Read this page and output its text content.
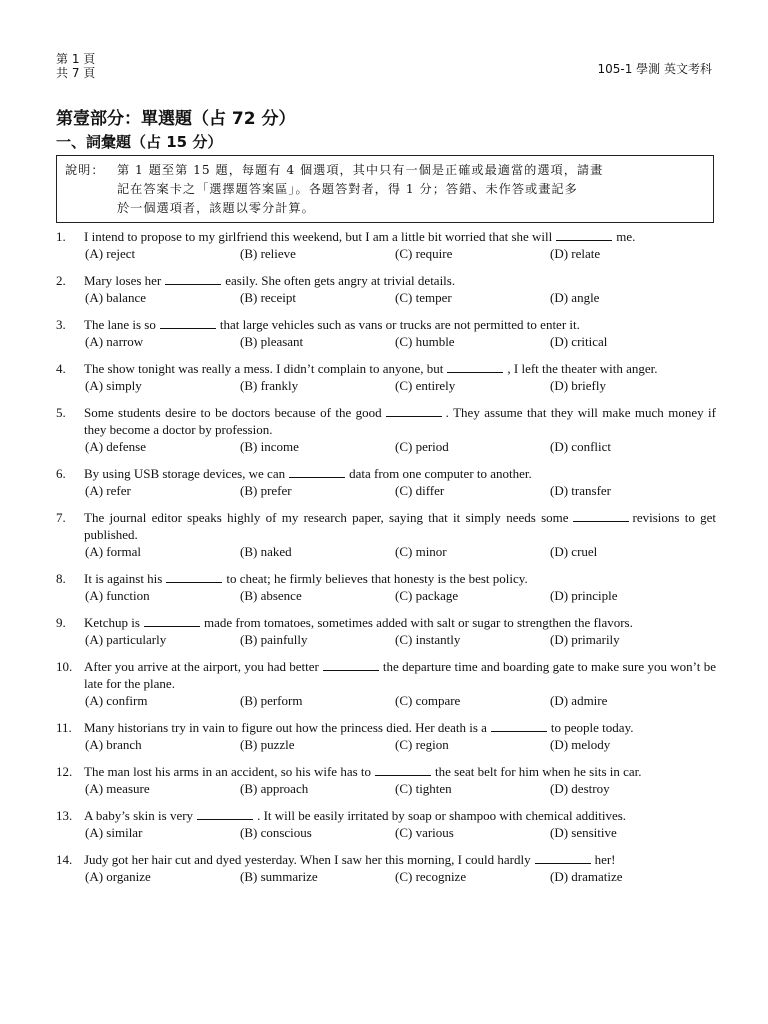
第 1 頁
共 7 頁	105-1 學測 英文考科
第壹部分：單選題（占 72 分）
一、詞彙題（占 15 分）
說明：	第 1 題至第 15 題，每題有 4 個選項，其中只有一個是正確或最適當的選項，請畫
記在答案卡之「選擇題答案區」。各題答對者，得 1 分；答錯、未作答或畫記多
於一個選項者，該題以零分計算。
1.	I intend to propose to my girlfriend this weekend, but I am a little bit worried that she will	me.
(A) reject	(B) relieve	(C) require	(D) relate
2.	Mary loses her	easily. She often gets angry at trivial details.
(A) balance	(B) receipt	(C) temper	(D) angle
3.	The lane is so	that large vehicles such as vans or trucks are not permitted to enter it.
(A) narrow	(B) pleasant	(C) humble	(D) critical
4.	The show tonight was really a mess. I didn’t complain to anyone, but	, I left the theater with anger.
(A) simply	(B) frankly	(C) entirely	(D) briefly
5.	Some students desire to be doctors because of the good	. They assume that they will make much money if they become a doctor by profession.
(A) defense	(B) income	(C) period	(D) conflict
6.	By using USB storage devices, we can	data from one computer to another.
(A) refer	(B) prefer	(C) differ	(D) transfer
7.	The journal editor speaks highly of my research paper, saying that it simply needs some	revisions to get published.
(A) formal	(B) naked	(C) minor	(D) cruel
8.	It is against his	to cheat; he firmly believes that honesty is the best policy.
(A) function	(B) absence	(C) package	(D) principle
9.	Ketchup is	made from tomatoes, sometimes added with salt or sugar to strengthen the flavors.
(A) particularly	(B) painfully	(C) instantly	(D) primarily
10. After you arrive at the airport, you had better	the departure time and boarding gate to make sure you won’t be late for the plane.
(A) confirm	(B) perform	(C) compare	(D) admire
11. Many historians try in vain to figure out how the princess died. Her death is a	to people today.
(A) branch	(B) puzzle	(C) region	(D) melody
12. The man lost his arms in an accident, so his wife has to	the seat belt for him when he sits in car.
(A) measure	(B) approach	(C) tighten	(D) destroy
13. A baby’s skin is very	. It will be easily irritated by soap or shampoo with chemical additives.
(A) similar	(B) conscious	(C) various	(D) sensitive
14. Judy got her hair cut and dyed yesterday. When I saw her this morning, I could hardly	her!
(A) organize	(B) summarize	(C) recognize	(D) dramatize
